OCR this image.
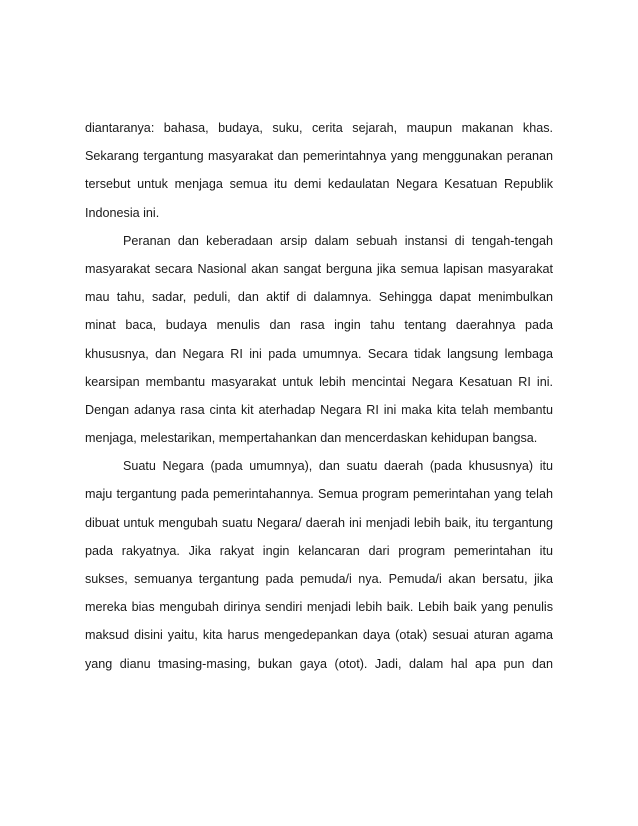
diantaranya: bahasa, budaya, suku, cerita sejarah, maupun makanan khas.
Sekarang tergantung masyarakat dan pemerintahnya yang menggunakan peranan
tersebut untuk menjaga semua itu demi kedaulatan Negara Kesatuan Republik
Indonesia ini.
Peranan dan keberadaan arsip dalam sebuah instansi di tengah-tengah
masyarakat secara Nasional akan sangat berguna jika semua lapisan masyarakat
mau tahu, sadar, peduli, dan aktif di dalamnya. Sehingga dapat menimbulkan
minat baca, budaya menulis dan rasa ingin tahu tentang daerahnya pada
khususnya, dan Negara RI ini pada umumnya. Secara tidak langsung lembaga
kearsipan membantu masyarakat untuk lebih mencintai Negara Kesatuan RI ini.
Dengan adanya rasa cinta kit aterhadap Negara RI ini maka kita telah membantu
menjaga, melestarikan, mempertahankan dan mencerdaskan kehidupan bangsa.
Suatu Negara (pada umumnya), dan suatu daerah (pada khususnya) itu
maju tergantung pada pemerintahannya. Semua program pemerintahan yang telah
dibuat untuk mengubah suatu Negara/ daerah ini menjadi lebih baik, itu tergantung
pada rakyatnya. Jika rakyat ingin kelancaran dari program pemerintahan itu
sukses, semuanya tergantung pada pemuda/i nya. Pemuda/i akan bersatu, jika
mereka bias mengubah dirinya sendiri menjadi lebih baik. Lebih baik yang penulis
maksud disini yaitu, kita harus mengedepankan daya (otak) sesuai aturan agama
yang dianu tmasing-masing, bukan gaya (otot). Jadi, dalam hal apa pun dan
